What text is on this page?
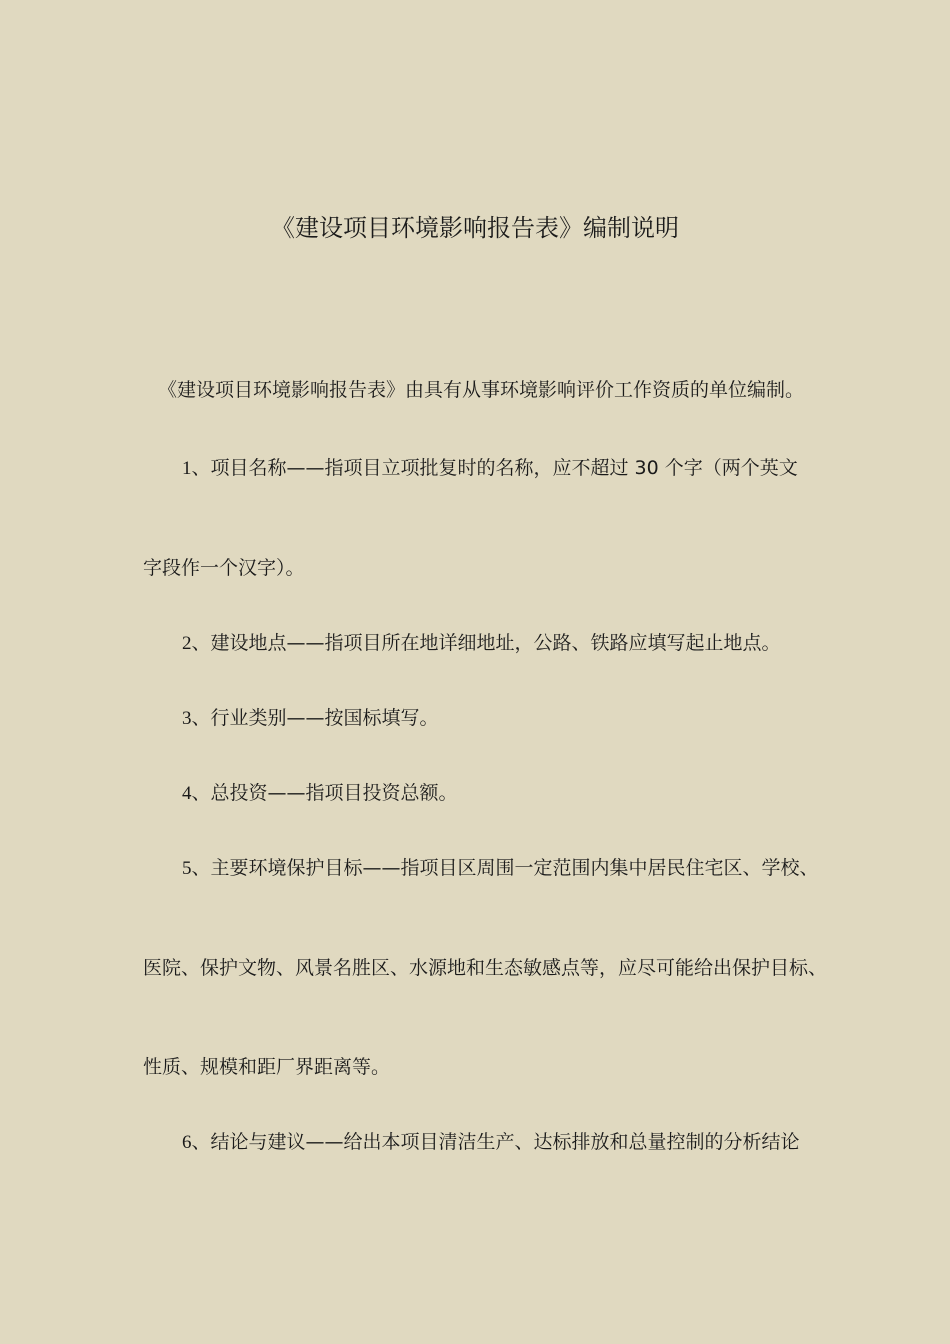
《建设项目环境影响报告表》编制说明
《建设项目环境影响报告表》由具有从事环境影响评价工作资质的单位编制。
1、项目名称——指项目立项批复时的名称，应不超过 30 个字（两个英文
字段作一个汉字）。
2、建设地点——指项目所在地详细地址，公路、铁路应填写起止地点。
3、行业类别——按国标填写。
4、总投资——指项目投资总额。
5、主要环境保护目标——指项目区周围一定范围内集中居民住宅区、学校、
医院、保护文物、风景名胜区、水源地和生态敏感点等，应尽可能给出保护目标、
性质、规模和距厂界距离等。
6、结论与建议——给出本项目清洁生产、达标排放和总量控制的分析结论
